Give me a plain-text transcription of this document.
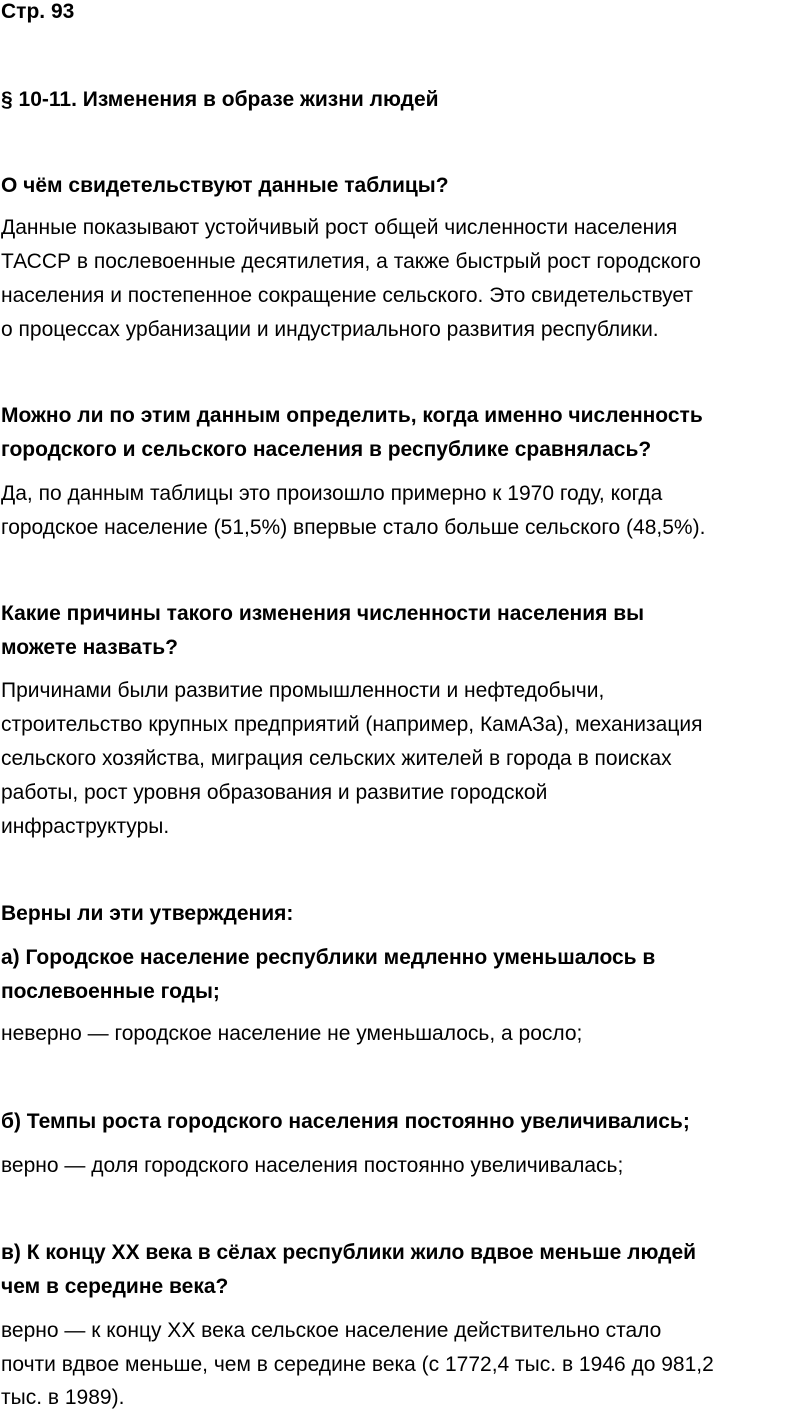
Стр. 93
§ 10-11. Изменения в образе жизни людей
О чём свидетельствуют данные таблицы?
Данные показывают устойчивый рост общей численности населения
ТАССР в послевоенные десятилетия, а также быстрый рост городского
населения и постепенное сокращение сельского. Это свидетельствует
о процессах урбанизации и индустриального развития республики.
Можно ли по этим данным определить, когда именно численность
городского и сельского населения в республике сравнялась?
Да, по данным таблицы это произошло примерно к 1970 году, когда
городское население (51,5%) впервые стало больше сельского (48,5%).
Какие причины такого изменения численности населения вы
можете назвать?
Причинами были развитие промышленности и нефтедобычи,
строительство крупных предприятий (например, КамАЗа), механизация
сельского хозяйства, миграция сельских жителей в города в поисках
работы, рост уровня образования и развитие городской
инфраструктуры.
Верны ли эти утверждения:
а) Городское население республики медленно уменьшалось в
послевоенные годы;
неверно — городское население не уменьшалось, а росло;
б) Темпы роста городского населения постоянно увеличивались;
верно — доля городского населения постоянно увеличивалась;
в) К концу XX века в сёлах республики жило вдвое меньше людей
чем в середине века?
верно — к концу XX века сельское население действительно стало
почти вдвое меньше, чем в середине века (с 1772,4 тыс. в 1946 до 981,2
тыс. в 1989).
